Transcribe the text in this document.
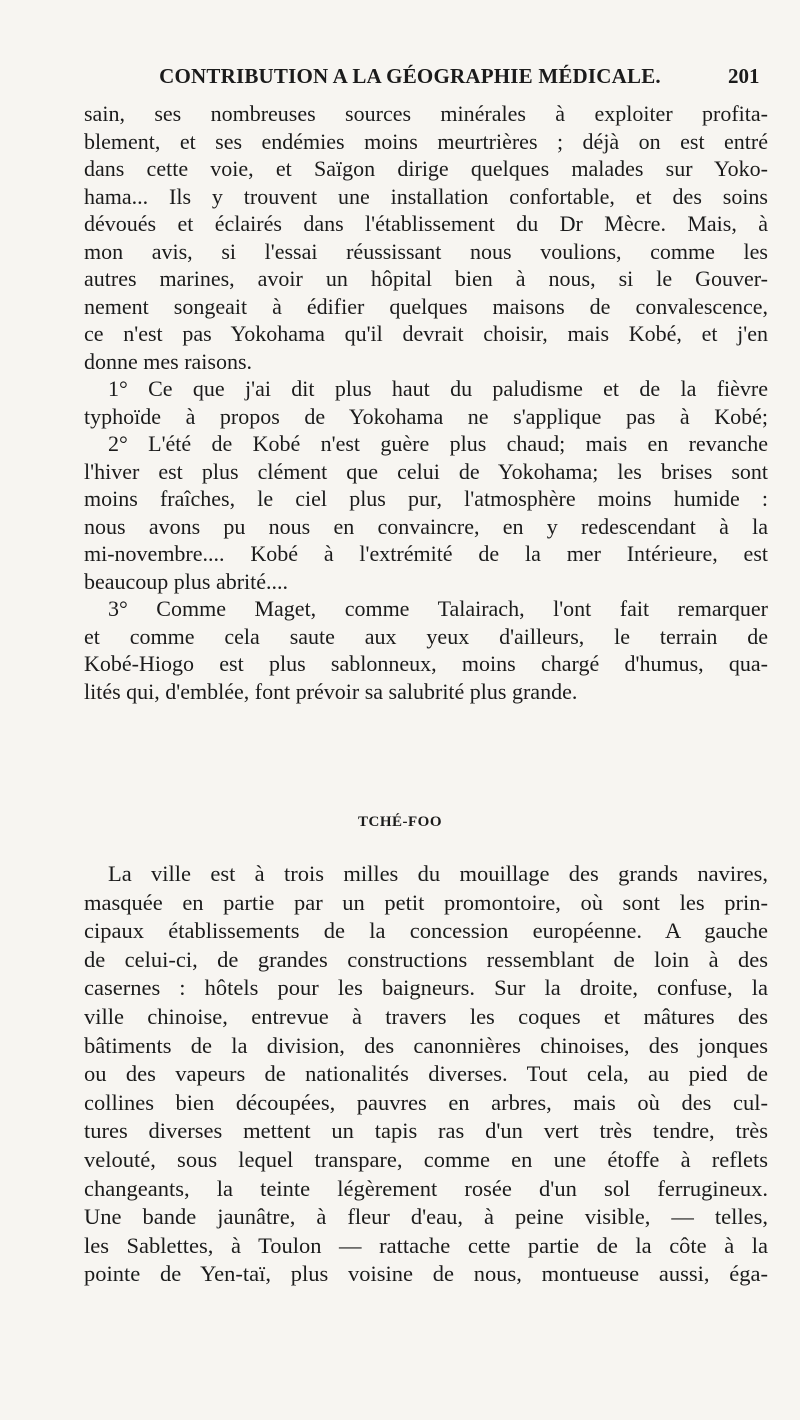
CONTRIBUTION A LA GÉOGRAPHIE MÉDICALE.	201
sain, ses nombreuses sources minérales à exploiter profita-
blement, et ses endémies moins meurtrières ; déjà on est entré
dans cette voie, et Saïgon dirige quelques malades sur Yoko-
hama... Ils y trouvent une installation confortable, et des soins
dévoués et éclairés dans l'établissement du Dr Mècre. Mais, à
mon avis, si l'essai réussissant nous voulions, comme les
autres marines, avoir un hôpital bien à nous, si le Gouver-
nement songeait à édifier quelques maisons de convalescence,
ce n'est pas Yokohama qu'il devrait choisir, mais Kobé, et j'en
donne mes raisons.
1° Ce que j'ai dit plus haut du paludisme et de la fièvre
typhoïde à propos de Yokohama ne s'applique pas à Kobé;
2° L'été de Kobé n'est guère plus chaud; mais en revanche
l'hiver est plus clément que celui de Yokohama; les brises sont
moins fraîches, le ciel plus pur, l'atmosphère moins humide :
nous avons pu nous en convaincre, en y redescendant à la
mi-novembre.... Kobé à l'extrémité de la mer Intérieure, est
beaucoup plus abrité....
3° Comme Maget, comme Talairach, l'ont fait remarquer
et comme cela saute aux yeux d'ailleurs, le terrain de
Kobé-Hiogo est plus sablonneux, moins chargé d'humus, qua-
lités qui, d'emblée, font prévoir sa salubrité plus grande.
TCHÉ-FOO
La ville est à trois milles du mouillage des grands navires,
masquée en partie par un petit promontoire, où sont les prin-
cipaux établissements de la concession européenne. A gauche
de celui-ci, de grandes constructions ressemblant de loin à des
casernes : hôtels pour les baigneurs. Sur la droite, confuse, la
ville chinoise, entrevue à travers les coques et mâtures des
bâtiments de la division, des canonnières chinoises, des jonques
ou des vapeurs de nationalités diverses. Tout cela, au pied de
collines bien découpées, pauvres en arbres, mais où des cul-
tures diverses mettent un tapis ras d'un vert très tendre, très
velouté, sous lequel transpare, comme en une étoffe à reflets
changeants, la teinte légèrement rosée d'un sol ferrugineux.
Une bande jaunâtre, à fleur d'eau, à peine visible, — telles,
les Sablettes, à Toulon — rattache cette partie de la côte à la
pointe de Yen-taï, plus voisine de nous, montueuse aussi, éga-
